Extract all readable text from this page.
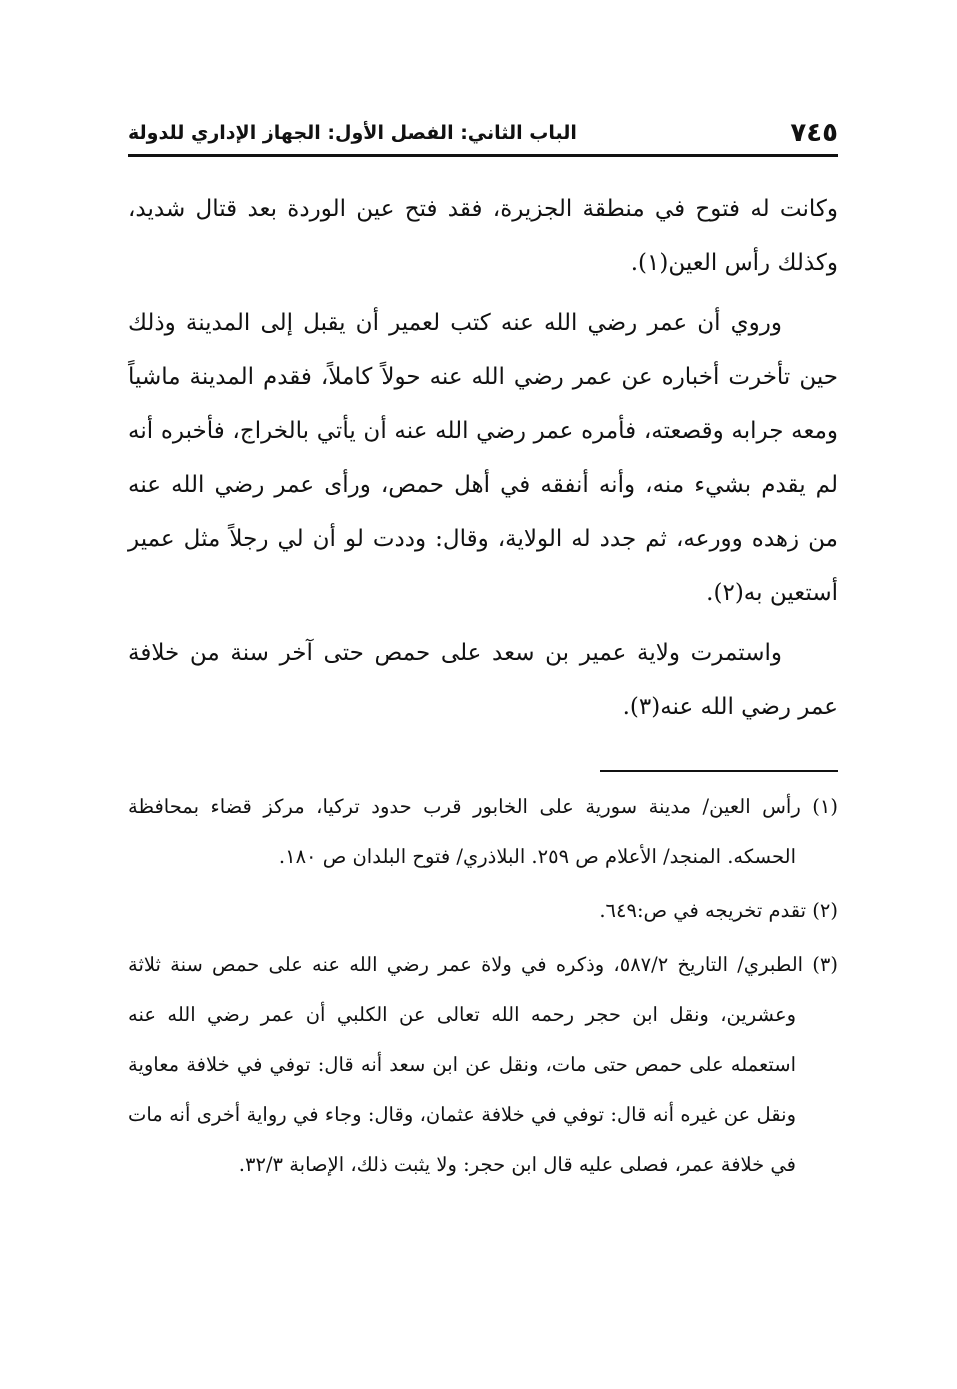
٧٤٥
الباب الثاني: الفصل الأول: الجهاز الإداري للدولة

وكانت له فتوح في منطقة الجزيرة، فقد فتح عين الوردة بعد قتال شديد، وكذلك رأس العين(١).

وروي أن عمر رضي الله عنه كتب لعمير أن يقبل إلى المدينة وذلك حين تأخرت أخباره عن عمر رضي الله عنه حولاً كاملاً، فقدم المدينة ماشياً ومعه جرابه وقصعته، فأمره عمر رضي الله عنه أن يأتي بالخراج، فأخبره أنه لم يقدم بشيء منه، وأنه أنفقه في أهل حمص، ورأى عمر رضي الله عنه من زهده وورعه، ثم جدد له الولاية، وقال: وددت لو أن لي رجلاً مثل عمير أستعين به(٢).

واستمرت ولاية عمير بن سعد على حمص حتى آخر سنة من خلافة عمر رضي الله عنه(٣).

(١) رأس العين/ مدينة سورية على الخابور قرب حدود تركيا، مركز قضاء بمحافظة الحسكه. المنجد/ الأعلام ص ٢٥٩. البلاذري/ فتوح البلدان ص ١٨٠.

(٢) تقدم تخريجه في ص:٦٤٩.

(٣) الطبري/ التاريخ ٥٨٧/٢، وذكره في ولاة عمر رضي الله عنه على حمص سنة ثلاثة وعشرين، ونقل ابن حجر رحمه الله تعالى عن الكلبي أن عمر رضي الله عنه استعمله على حمص حتى مات، ونقل عن ابن سعد أنه قال: توفي في خلافة معاوية ونقل عن غيره أنه قال: توفي في خلافة عثمان، وقال: وجاء في رواية أخرى أنه مات في خلافة عمر، فصلى عليه قال ابن حجر: ولا يثبت ذلك، الإصابة ٣٢/٣.
